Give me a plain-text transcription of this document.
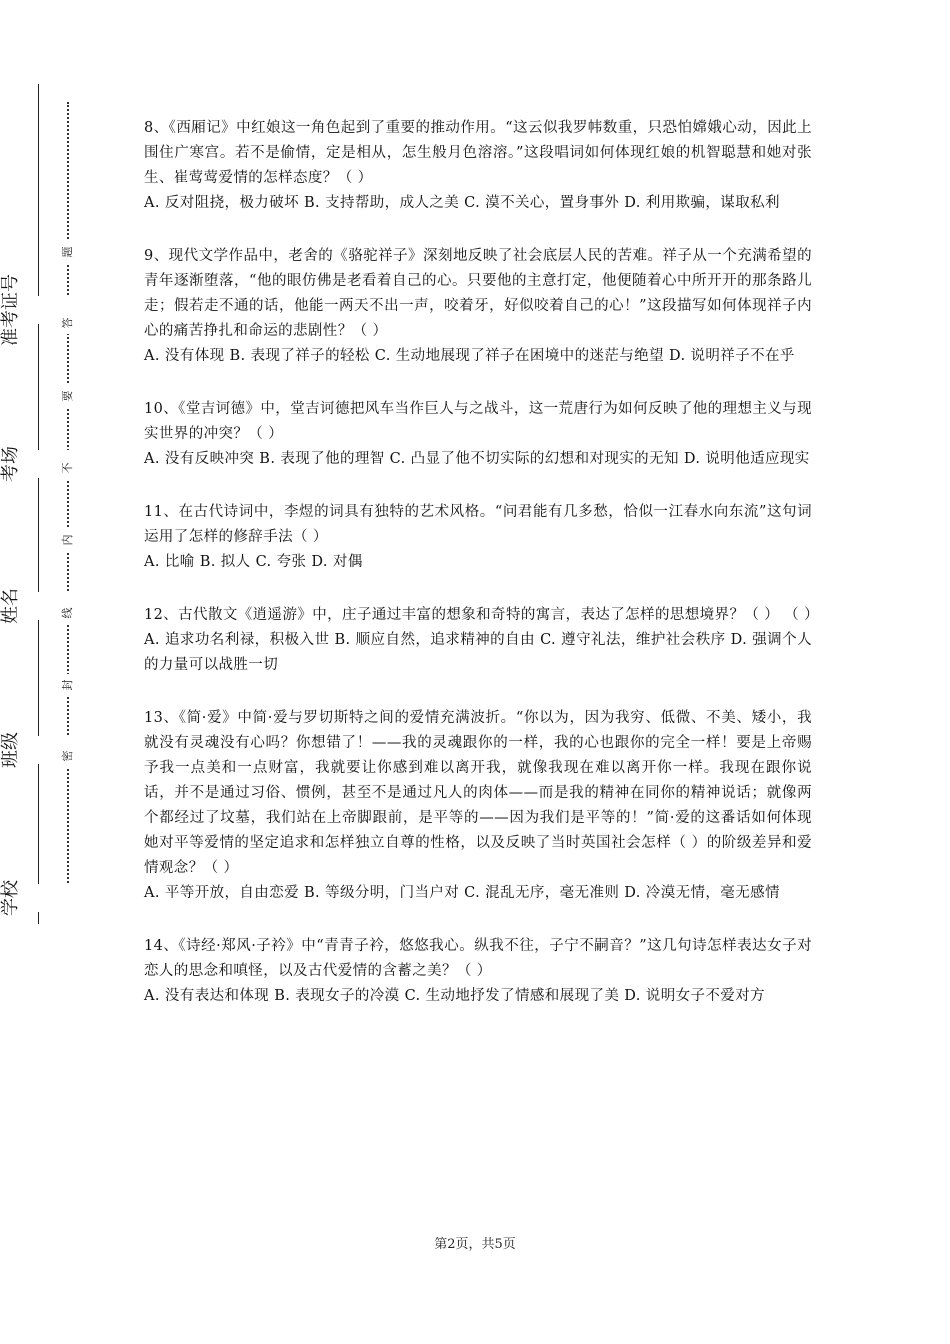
准考证号
考场
姓名
班级
学校
题
答
要
不
内
线
封
密

8、《西厢记》中红娘这一角色起到了重要的推动作用。“这云似我罗帏数重，只恐怕嫦娥心动，因此上围住广寒宫。若不是偷情，定是相从，怎生般月色溶溶。”这段唱词如何体现红娘的机智聪慧和她对张生、崔莺莺爱情的怎样态度？（ ）

A. 反对阻挠，极力破坏 B. 支持帮助，成人之美 C. 漠不关心，置身事外 D. 利用欺骗，谋取私利

9、现代文学作品中，老舍的《骆驼祥子》深刻地反映了社会底层人民的苦难。祥子从一个充满希望的青年逐渐堕落，“他的眼仿佛是老看着自己的心。只要他的主意打定，他便随着心中所开开的那条路儿走；假若走不通的话，他能一两天不出一声，咬着牙，好似咬着自己的心！”这段描写如何体现祥子内心的痛苦挣扎和命运的悲剧性？（ ）

A. 没有体现 B. 表现了祥子的轻松 C. 生动地展现了祥子在困境中的迷茫与绝望 D. 说明祥子不在乎

10、《堂吉诃德》中，堂吉诃德把风车当作巨人与之战斗，这一荒唐行为如何反映了他的理想主义与现实世界的冲突？（ ）

A. 没有反映冲突 B. 表现了他的理智 C. 凸显了他不切实际的幻想和对现实的无知 D. 说明他适应现实

11、在古代诗词中，李煜的词具有独特的艺术风格。“问君能有几多愁，恰似一江春水向东流”这句词运用了怎样的修辞手法（ ）

A. 比喻 B. 拟人 C. 夸张 D. 对偶

12、古代散文《逍遥游》中，庄子通过丰富的想象和奇特的寓言，表达了怎样的思想境界？（ ） （ ）

A. 追求功名利禄，积极入世 B. 顺应自然，追求精神的自由 C. 遵守礼法，维护社会秩序 D. 强调个人的力量可以战胜一切

13、《简·爱》中简·爱与罗切斯特之间的爱情充满波折。“你以为，因为我穷、低微、不美、矮小，我就没有灵魂没有心吗？你想错了！——我的灵魂跟你的一样，我的心也跟你的完全一样！要是上帝赐予我一点美和一点财富，我就要让你感到难以离开我，就像我现在难以离开你一样。我现在跟你说话，并不是通过习俗、惯例，甚至不是通过凡人的肉体——而是我的精神在同你的精神说话；就像两个都经过了坟墓，我们站在上帝脚跟前，是平等的——因为我们是平等的！”简·爱的这番话如何体现她对平等爱情的坚定追求和怎样独立自尊的性格，以及反映了当时英国社会怎样（ ）的阶级差异和爱情观念？（ ）

A. 平等开放，自由恋爱 B. 等级分明，门当户对 C. 混乱无序，毫无准则 D. 冷漠无情，毫无感情

14、《诗经·郑风·子衿》中“青青子衿，悠悠我心。纵我不往，子宁不嗣音？”这几句诗怎样表达女子对恋人的思念和嗔怪，以及古代爱情的含蓄之美？（ ）

A. 没有表达和体现 B. 表现女子的冷漠 C. 生动地抒发了情感和展现了美 D. 说明女子不爱对方

第2页，共5页
